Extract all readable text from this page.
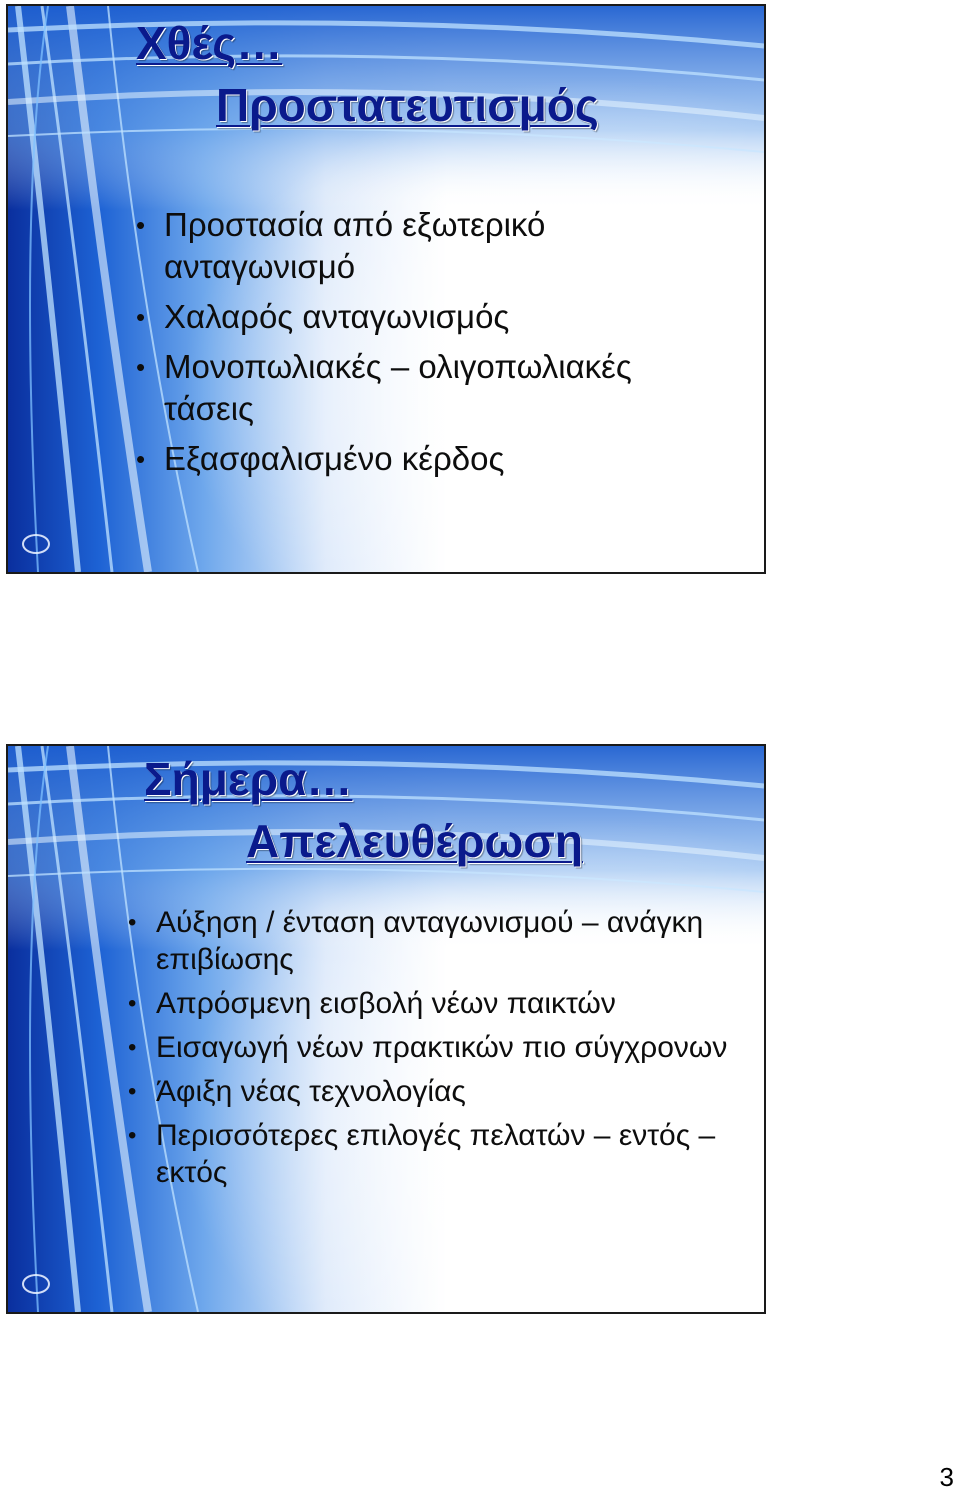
Χθές…
Προστατευτισμός
• Προστασία από εξωτερικό ανταγωνισμό
• Χαλαρός ανταγωνισμός
• Μονοπωλιακές – ολιγοπωλιακές τάσεις
• Εξασφαλισμένο κέρδος
Σήμερα…
Απελευθέρωση
• Αύξηση / ένταση ανταγωνισμού – ανάγκη επιβίωσης
• Απρόσμενη εισβολή νέων παικτών
• Εισαγωγή νέων πρακτικών πιο σύγχρονων
• Άφιξη νέας τεχνολογίας
• Περισσότερες επιλογές πελατών – εντός – εκτός
3
